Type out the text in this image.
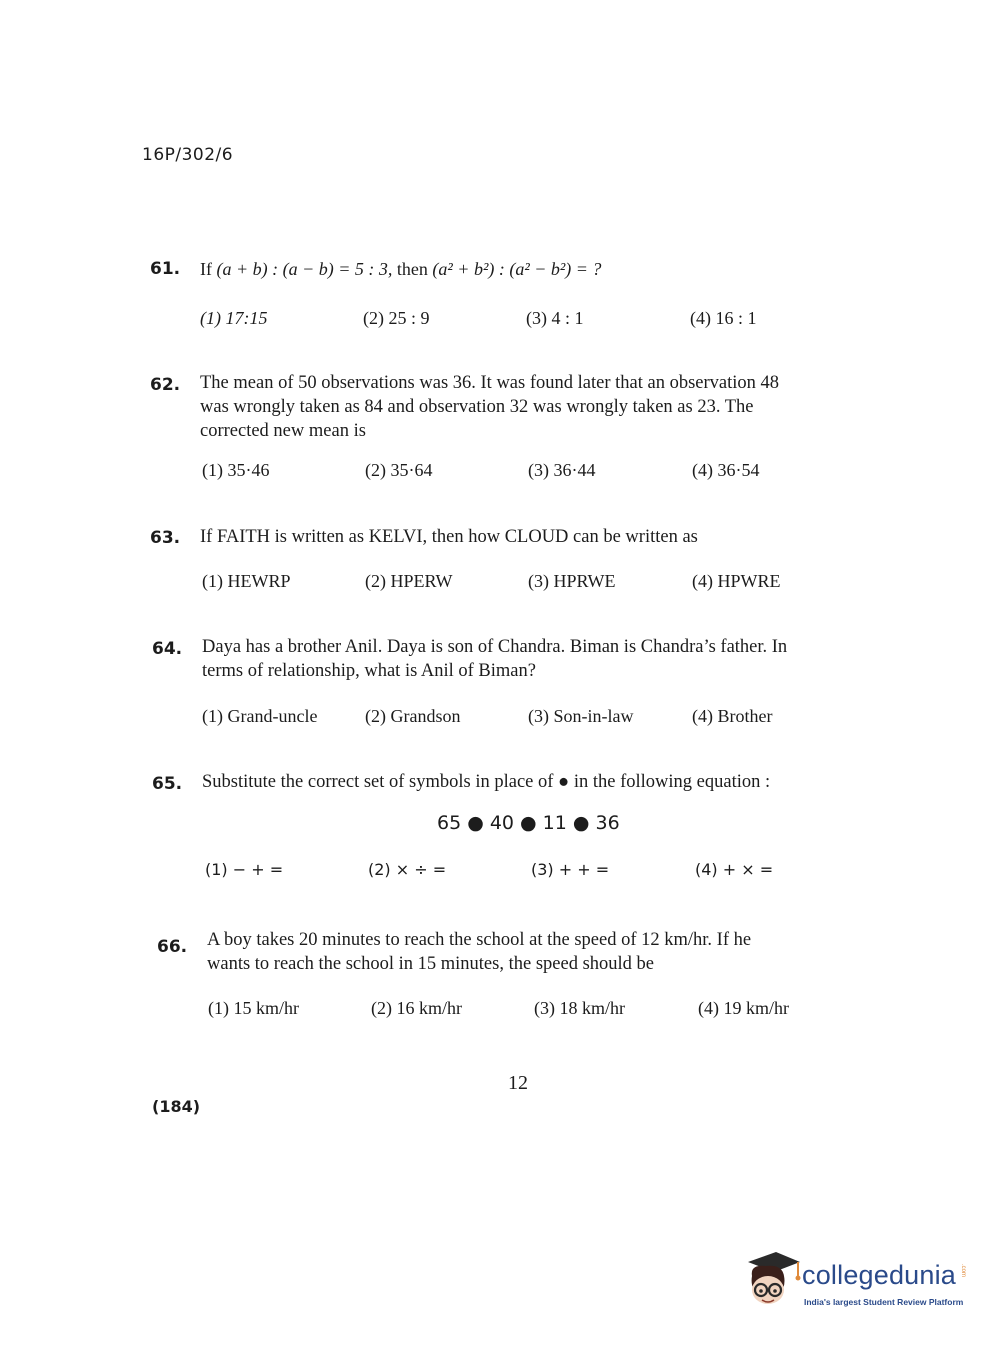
16P/302/6
61. If (a + b) : (a − b) = 5 : 3, then (a² + b²) : (a² − b²) = ?
(1) 17:15	(2) 25 : 9	(3) 4 : 1	(4) 16 : 1
62. The mean of 50 observations was 36. It was found later that an observation 48
was wrongly taken as 84 and observation 32 was wrongly taken as 23. The
corrected new mean is
(1) 35·46	(2) 35·64	(3) 36·44	(4) 36·54
63. If FAITH is written as KELVI, then how CLOUD can be written as
(1) HEWRP	(2) HPERW	(3) HPRWE	(4) HPWRE
64. Daya has a brother Anil. Daya is son of Chandra. Biman is Chandra’s father. In
terms of relationship, what is Anil of Biman?
(1) Grand-uncle	(2) Grandson	(3) Son-in-law	(4) Brother
65. Substitute the correct set of symbols in place of ● in the following equation :
65 ● 40 ● 11 ● 36
(1) − + =	(2) × ÷ =	(3) + + =	(4) + × =
66. A boy takes 20 minutes to reach the school at the speed of 12 km/hr. If he
wants to reach the school in 15 minutes, the speed should be
(1) 15 km/hr	(2) 16 km/hr	(3) 18 km/hr	(4) 19 km/hr
12
(184)
collegedunia .com
India's largest Student Review Platform
